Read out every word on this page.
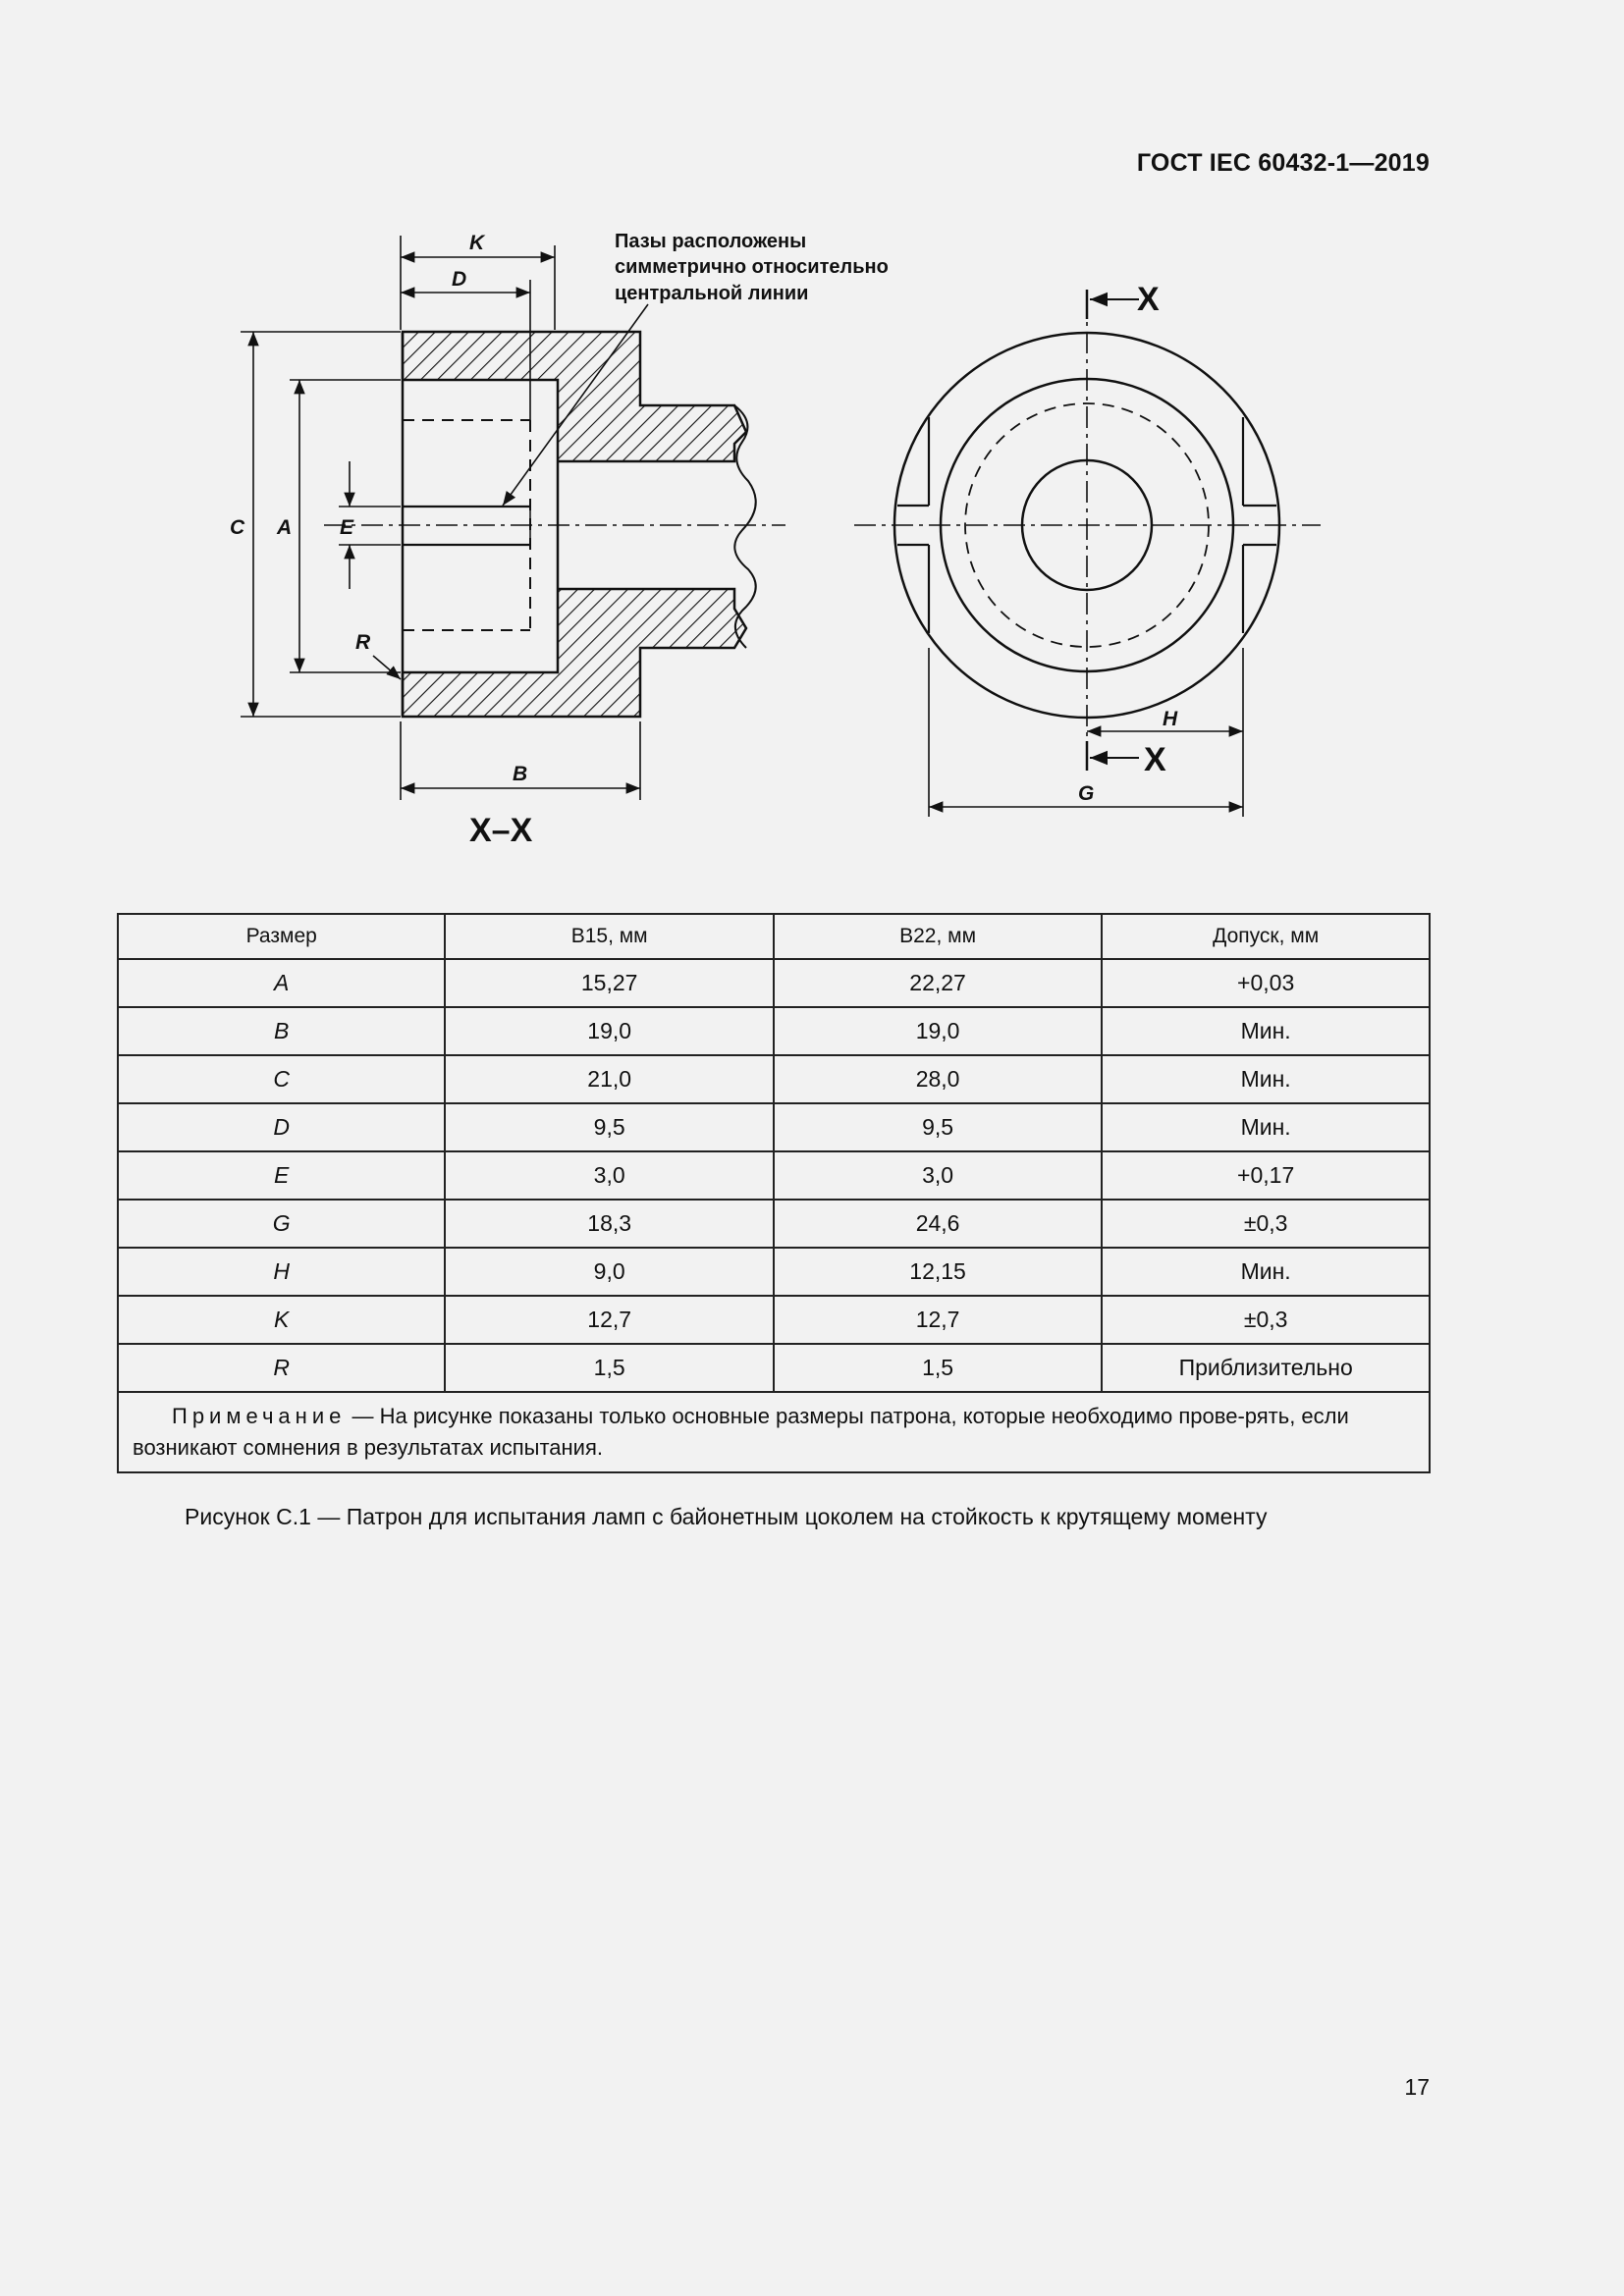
ГОСТ IEC 60432-1—2019
K
D
C A E
R
B
X–X
Пазы расположены
симметрично относительно
центральной линии	X
X
H
G
Размер	B15, мм	B22, мм	Допуск, мм
A	15,27	22,27	+0,03
B	19,0	19,0	Мин.
C	21,0	28,0	Мин.
D	9,5	9,5	Мин.
E	3,0	3,0	+0,17
G	18,3	24,6	±0,3
H	9,0	12,15	Мин.
K	12,7	12,7	±0,3
R	1,5	1,5	Приблизительно
Примечание — На рисунке показаны только основные размеры патрона, которые необходимо прове-рять, если возникают сомнения в результатах испытания.			
Рисунок С.1 — Патрон для испытания ламп с байонетным цоколем на стойкость к крутящему моменту
17
